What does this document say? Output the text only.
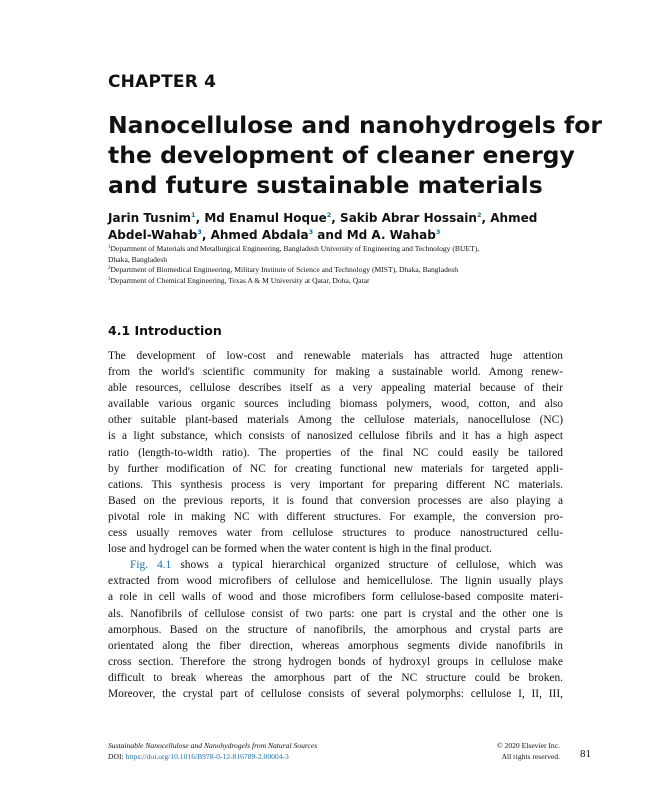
CHAPTER 4
Nanocellulose and nanohydrogels for
the development of cleaner energy
and future sustainable materials
Jarin Tusnim$^1$, Md Enamul Hoque$^2$, Sakib Abrar Hossain$^2$, Ahmed
Abdel-Wahab$^3$, Ahmed Abdala$^3$ and Md A. Wahab$^3$
$^1$Department of Materials and Metallurgical Engineering, Bangladesh University of Engineering and Technology (BUET),
Dhaka, Bangladesh
$^2$Department of Biomedical Engineering, Military Institute of Science and Technology (MIST), Dhaka, Bangladesh
$^3$Department of Chemical Engineering, Texas A & M University at Qatar, Doha, Qatar
4.1 Introduction
The development of low-cost and renewable materials has attracted huge attention
from the world's scientific community for making a sustainable world. Among renew-
able resources, cellulose describes itself as a very appealing material because of their
available various organic sources including biomass polymers, wood, cotton, and also
other suitable plant-based materials Among the cellulose materials, nanocellulose (NC)
is a light substance, which consists of nanosized cellulose fibrils and it has a high aspect
ratio (length-to-width ratio). The properties of the final NC could easily be tailored
by further modification of NC for creating functional new materials for targeted appli-
cations. This synthesis process is very important for preparing different NC materials.
Based on the previous reports, it is found that conversion processes are also playing a
pivotal role in making NC with different structures. For example, the conversion pro-
cess usually removes water from cellulose structures to produce nanostructured cellu-
lose and hydrogel can be formed when the water content is high in the final product.
Fig. 4.1 shows a typical hierarchical organized structure of cellulose, which was
extracted from wood microfibers of cellulose and hemicellulose. The lignin usually plays
a role in cell walls of wood and those microfibers form cellulose-based composite materi-
als. Nanofibrils of cellulose consist of two parts: one part is crystal and the other one is
amorphous. Based on the structure of nanofibrils, the amorphous and crystal parts are
orientated along the fiber direction, whereas amorphous segments divide nanofibrils in
cross section. Therefore the strong hydrogen bonds of hydroxyl groups in cellulose make
difficult to break whereas the amorphous part of the NC structure could be broken.
Moreover, the crystal part of cellulose consists of several polymorphs: cellulose I, II, III,
Sustainable Nanocellulose and Nanohydrogels from Natural Sources
DOI: https://doi.org/10.1016/B978-0-12-816789-2.00004-3
© 2020 Elsevier Inc.
All rights reserved. 81
